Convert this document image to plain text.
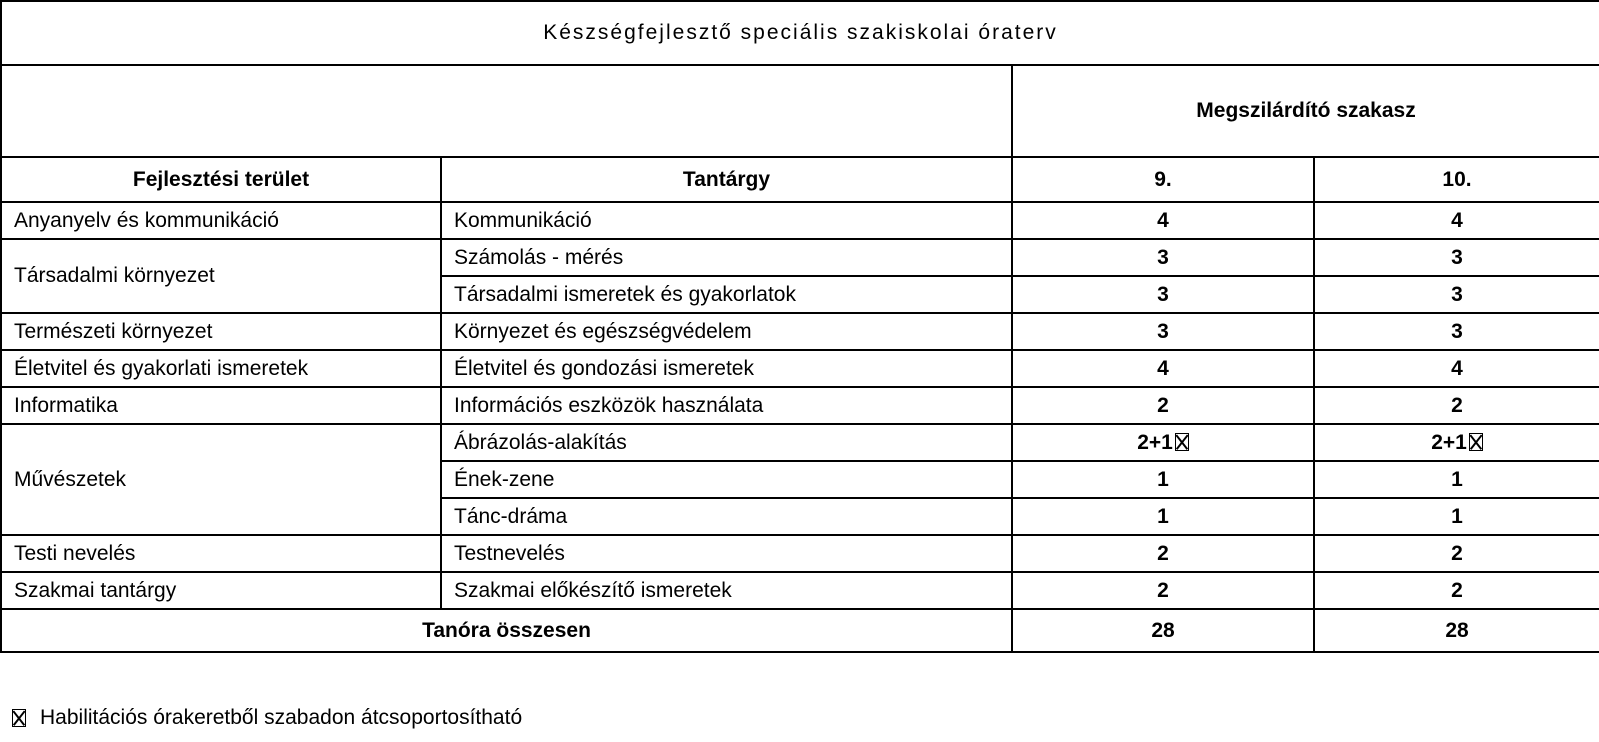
Készségfejlesztő speciális szakiskolai óraterv			
		Megszilárdító szakasz	
Fejlesztési terület	Tantárgy	9.	10.
Anyanyelv és kommunikáció	Kommunikáció	4	4
Társadalmi környezet	Számolás - mérés	3	3
	Társadalmi ismeretek és gyakorlatok	3	3
Természeti környezet	Környezet és egészségvédelem	3	3
Életvitel és gyakorlati ismeretek	Életvitel és gondozási ismeretek	4	4
Informatika	Információs eszközök használata	2	2
Művészetek	Ábrázolás-alakítás	2+1	2+1
	Ének-zene	1	1
	Tánc-dráma	1	1
Testi nevelés	Testnevelés	2	2
Szakmai tantárgy	Szakmai előkészítő ismeretek	2	2
Tanóra összesen		28	28
Habilitációs órakeretből szabadon átcsoportosítható
